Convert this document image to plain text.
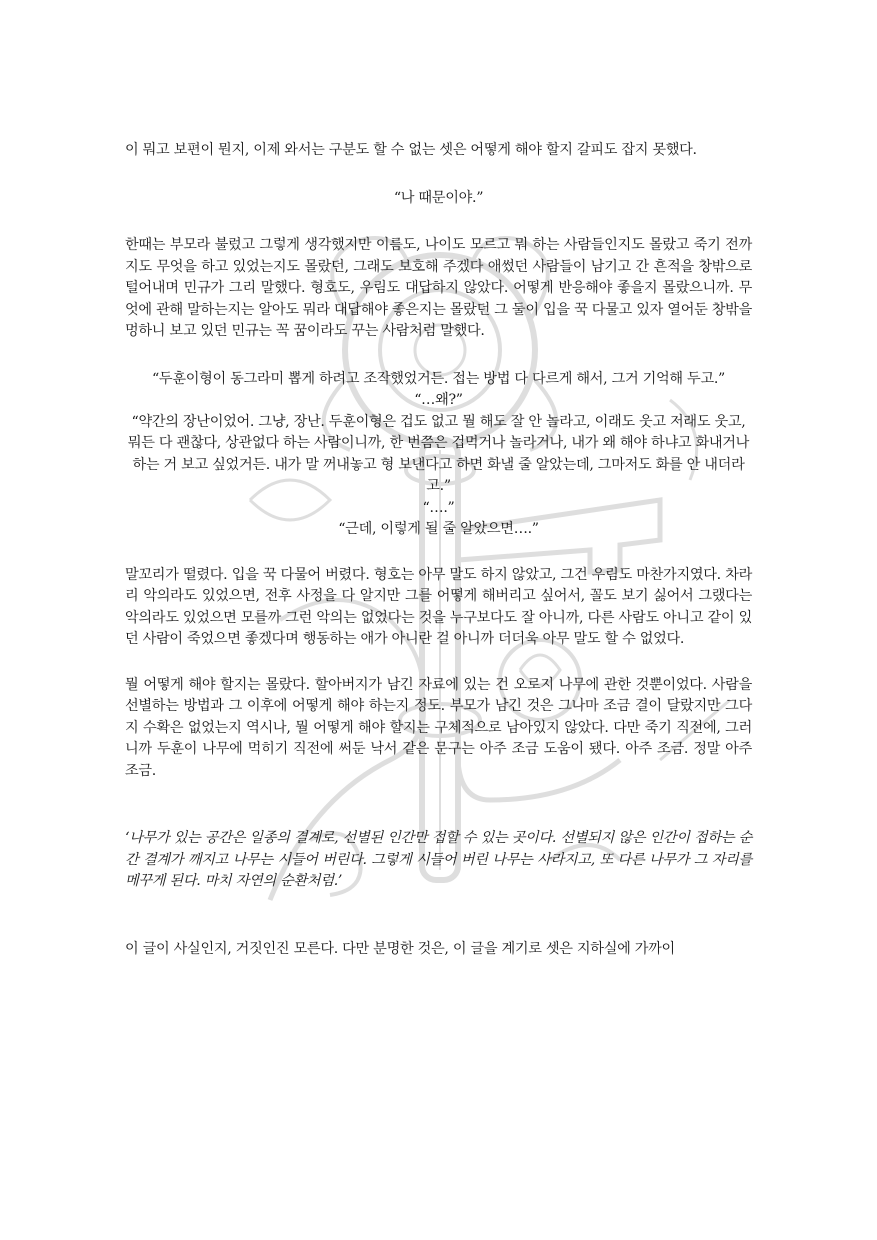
이 뭐고 보편이 뭔지, 이제 와서는 구분도 할 수 없는 셋은 어떻게 해야 할지 갈피도 잡지 못했다.

“나 때문이야.”

한때는 부모라 불렀고 그렇게 생각했지만 이름도, 나이도 모르고 뭐 하는 사람들인지도 몰랐고 죽기 전까지도 무엇을 하고 있었는지도 몰랐던, 그래도 보호해 주겠다 애썼던 사람들이 남기고 간 흔적을 창밖으로 털어내며 민규가 그리 말했다. 형호도, 우림도 대답하지 않았다. 어떻게 반응해야 좋을지 몰랐으니까. 무엇에 관해 말하는지는 알아도 뭐라 대답해야 좋은지는 몰랐던 그 둘이 입을 꾹 다물고 있자 열어둔 창밖을 멍하니 보고 있던 민규는 꼭 꿈이라도 꾸는 사람처럼 말했다.

“두훈이형이 동그라미 뽑게 하려고 조작했었거든. 접는 방법 다 다르게 해서, 그거 기억해 두고.”

“…왜?”

“약간의 장난이었어. 그냥, 장난. 두훈이형은 겁도 없고 뭘 해도 잘 안 놀라고, 이래도 웃고 저래도 웃고, 뭐든 다 괜찮다, 상관없다 하는 사람이니까, 한 번쯤은 겁먹거나 놀라거나, 내가 왜 해야 하냐고 화내거나 하는 거 보고 싶었거든. 내가 말 꺼내놓고 형 보낸다고 하면 화낼 줄 알았는데, 그마저도 화를 안 내더라고.”

“….”

“근데, 이렇게 될 줄 알았으면….”

말꼬리가 떨렸다. 입을 꾹 다물어 버렸다. 형호는 아무 말도 하지 않았고, 그건 우림도 마찬가지였다. 차라리 악의라도 있었으면, 전후 사정을 다 알지만 그를 어떻게 해버리고 싶어서, 꼴도 보기 싫어서 그랬다는 악의라도 있었으면 모를까 그런 악의는 없었다는 것을 누구보다도 잘 아니까, 다른 사람도 아니고 같이 있던 사람이 죽었으면 좋겠다며 행동하는 애가 아니란 걸 아니까 더더욱 아무 말도 할 수 없었다.

뭘 어떻게 해야 할지는 몰랐다. 할아버지가 남긴 자료에 있는 건 오로지 나무에 관한 것뿐이었다. 사람을 선별하는 방법과 그 이후에 어떻게 해야 하는지 정도. 부모가 남긴 것은 그나마 조금 결이 달랐지만 그다지 수확은 없었는지 역시나, 뭘 어떻게 해야 할지는 구체적으로 남아있지 않았다. 다만 죽기 직전에, 그러니까 두훈이 나무에 먹히기 직전에 써둔 낙서 같은 문구는 아주 조금 도움이 됐다. 아주 조금. 정말 아주 조금.

‘나무가 있는 공간은 일종의 결계로, 선별된 인간만 접할 수 있는 곳이다. 선별되지 않은 인간이 접하는 순간 결계가 깨지고 나무는 시들어 버린다. 그렇게 시들어 버린 나무는 사라지고, 또 다른 나무가 그 자리를 메꾸게 된다. 마치 자연의 순환처럼.’

이 글이 사실인지, 거짓인진 모른다. 다만 분명한 것은, 이 글을 계기로 셋은 지하실에 가까이
